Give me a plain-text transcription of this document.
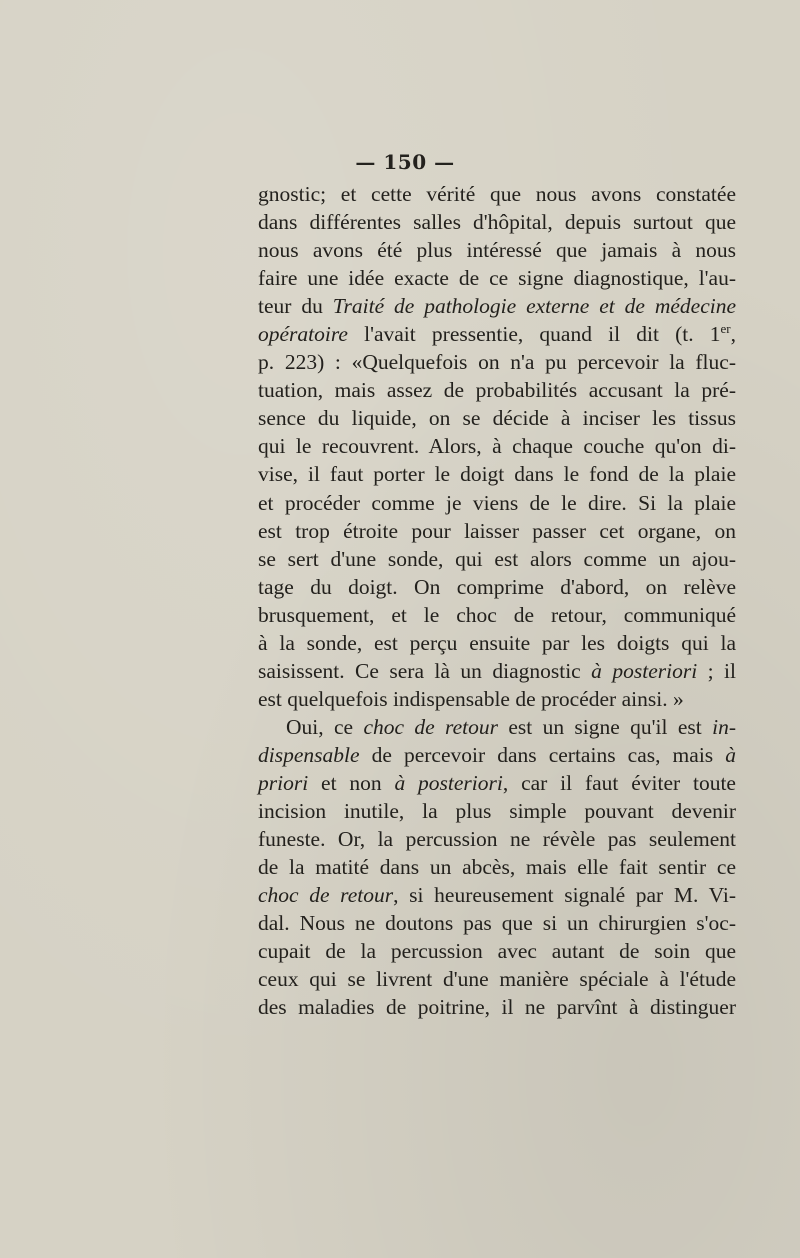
— 150 —
gnostic; et cette vérité que nous avons constatée
dans différentes salles d'hôpital, depuis surtout que
nous avons été plus intéressé que jamais à nous
faire une idée exacte de ce signe diagnostique, l'au-
teur du Traité de pathologie externe et de médecine
opératoire l'avait pressentie, quand il dit (t. 1er,
p. 223) : «Quelquefois on n'a pu percevoir la fluc-
tuation, mais assez de probabilités accusant la pré-
sence du liquide, on se décide à inciser les tissus
qui le recouvrent. Alors, à chaque couche qu'on di-
vise, il faut porter le doigt dans le fond de la plaie
et procéder comme je viens de le dire. Si la plaie
est trop étroite pour laisser passer cet organe, on
se sert d'une sonde, qui est alors comme un ajou-
tage du doigt. On comprime d'abord, on relève
brusquement, et le choc de retour, communiqué
à la sonde, est perçu ensuite par les doigts qui la
saisissent. Ce sera là un diagnostic à posteriori ; il
est quelquefois indispensable de procéder ainsi. »
Oui, ce choc de retour est un signe qu'il est in-
dispensable de percevoir dans certains cas, mais à
priori et non à posteriori, car il faut éviter toute
incision inutile, la plus simple pouvant devenir
funeste. Or, la percussion ne révèle pas seulement
de la matité dans un abcès, mais elle fait sentir ce
choc de retour, si heureusement signalé par M. Vi-
dal. Nous ne doutons pas que si un chirurgien s'oc-
cupait de la percussion avec autant de soin que
ceux qui se livrent d'une manière spéciale à l'étude
des maladies de poitrine, il ne parvînt à distinguer
